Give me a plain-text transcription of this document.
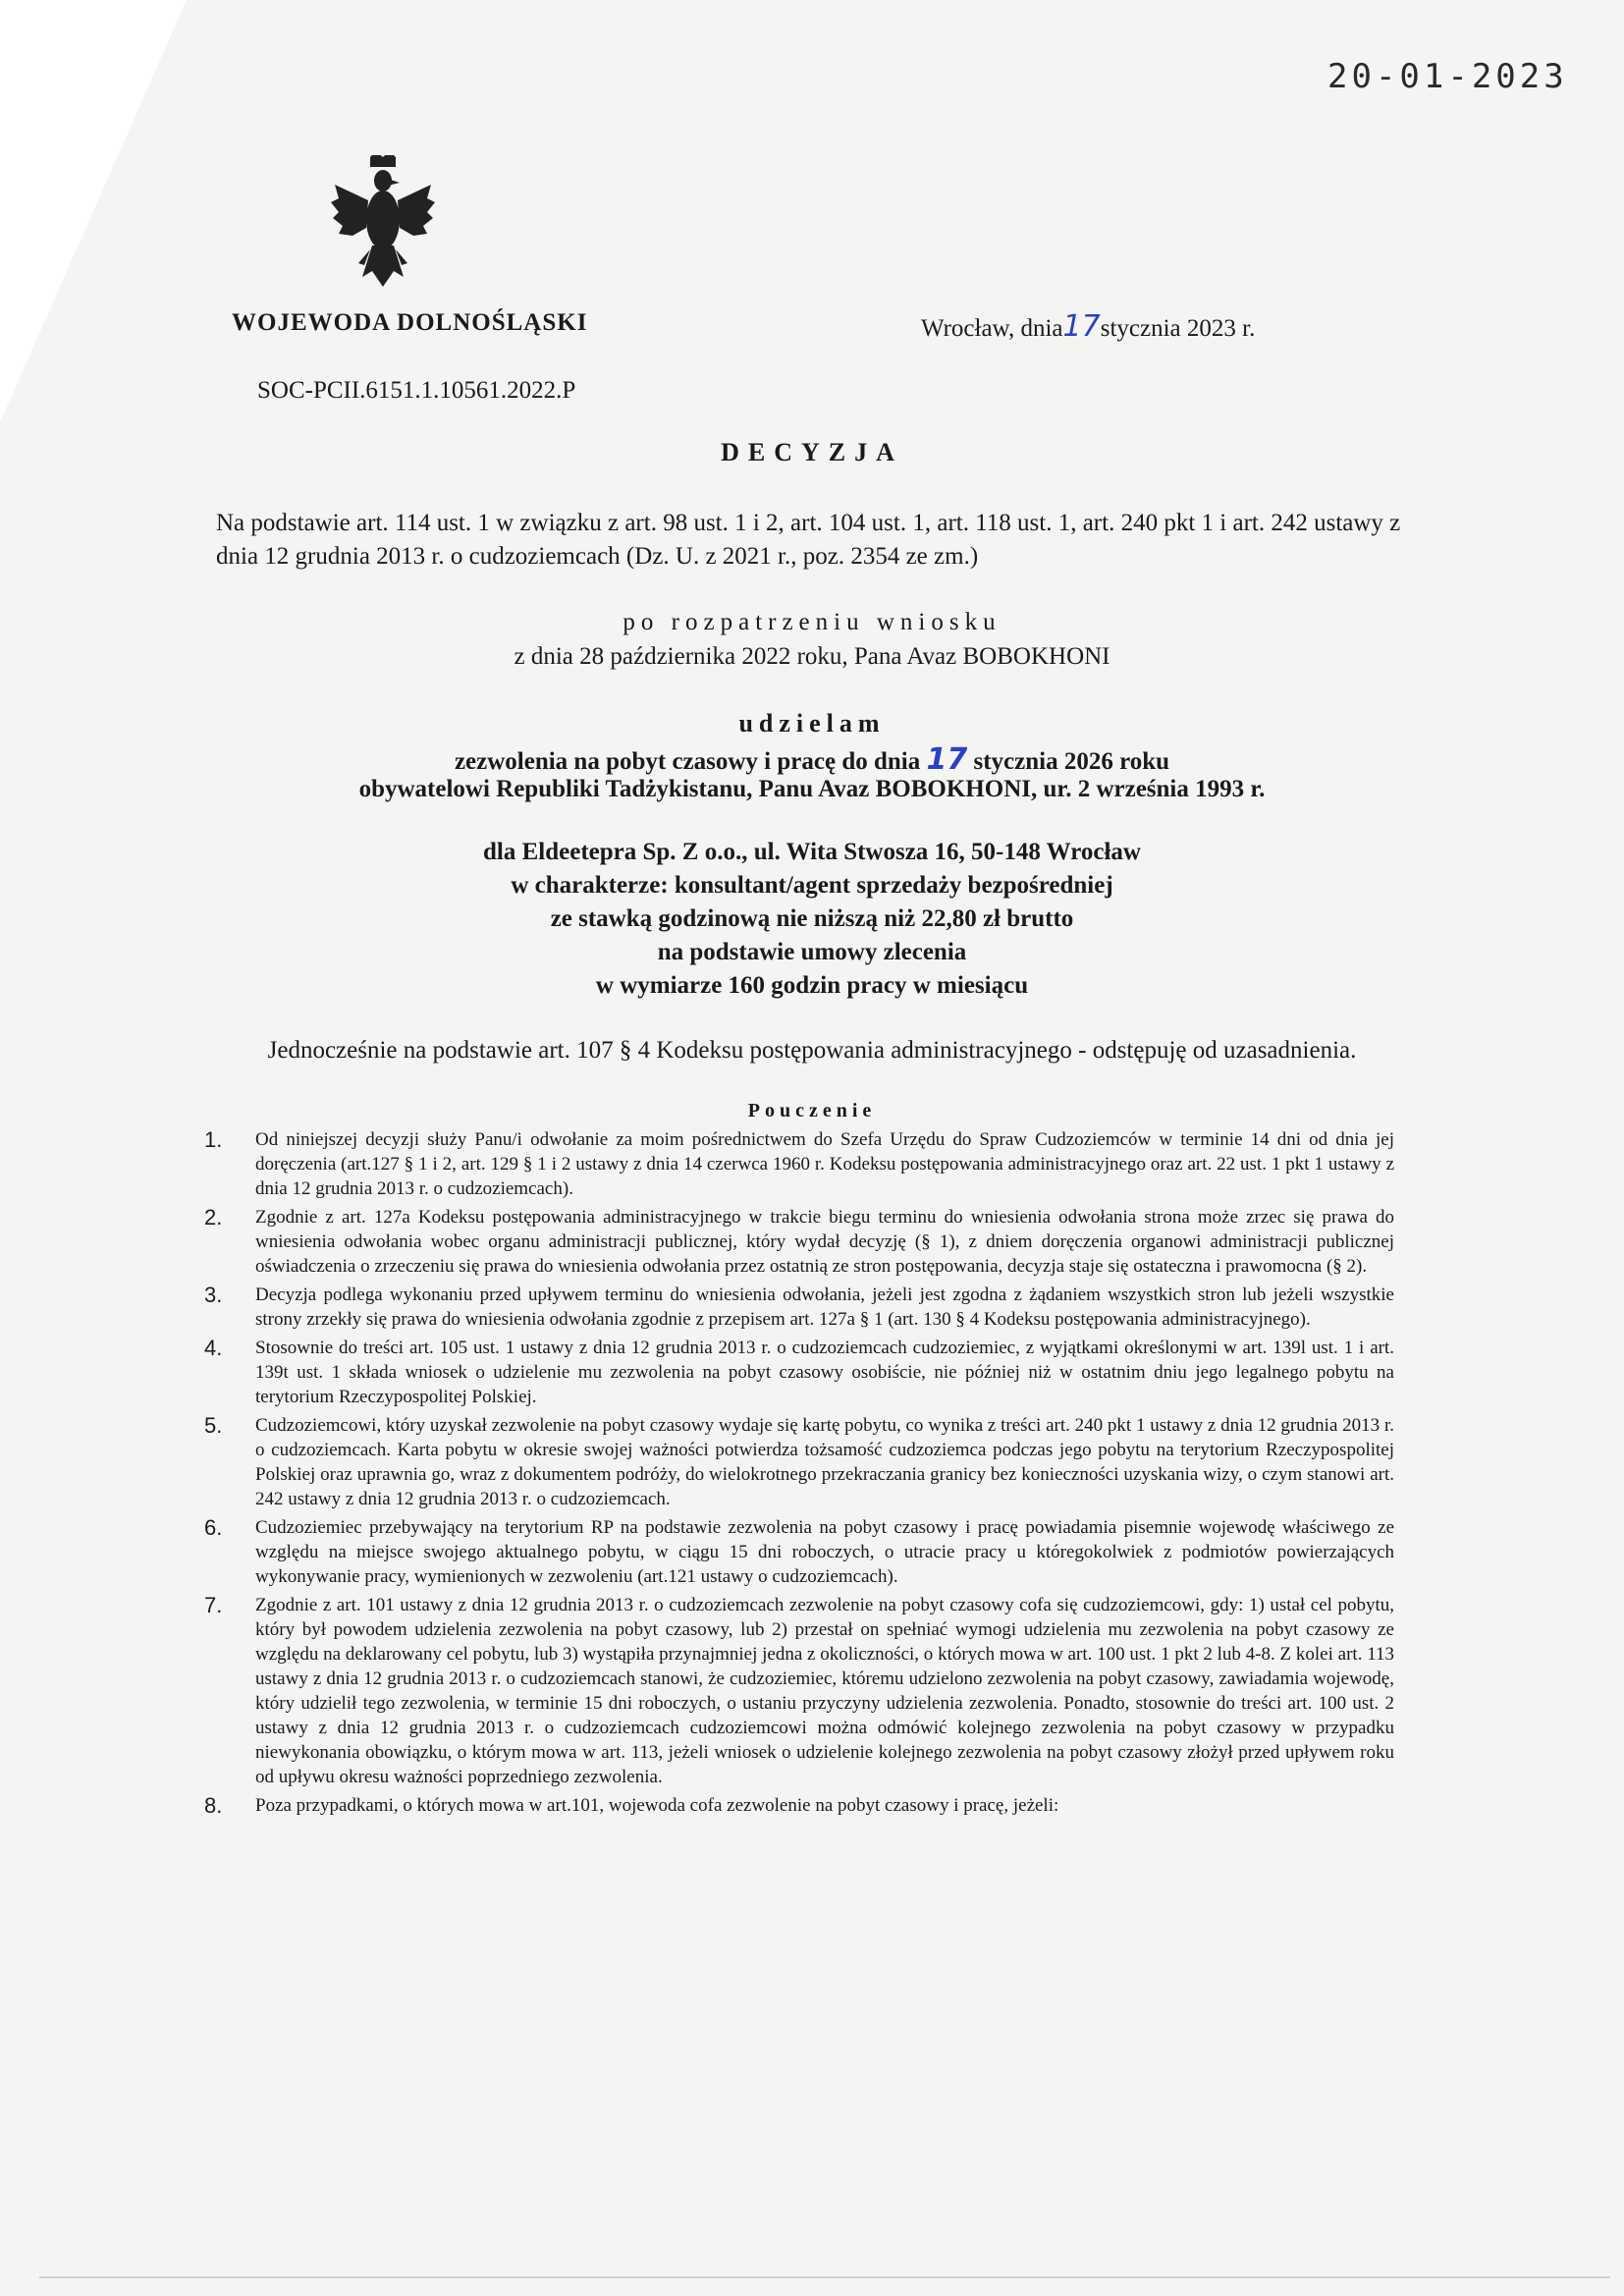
20-01-2023
WOJEWODA DOLNOŚLĄSKI	Wrocław, dnia17stycznia 2023 r.
SOC-PCII.6151.1.10561.2022.P
DECYZJA
Na podstawie art. 114 ust. 1 w związku z art. 98 ust. 1 i 2, art. 104 ust. 1, art. 118 ust. 1, art. 240 pkt 1 i art. 242 ustawy z dnia 12 grudnia 2013 r. o cudzoziemcach (Dz. U. z 2021 r., poz. 2354 ze zm.)
po rozpatrzeniu wniosku
z dnia 28 października 2022 roku, Pana Avaz BOBOKHONI
udzielam
zezwolenia na pobyt czasowy i pracę do dnia 17 stycznia 2026 roku
obywatelowi Republiki Tadżykistanu, Panu Avaz BOBOKHONI, ur. 2 września 1993 r.
dla Eldeetepra Sp. Z o.o., ul. Wita Stwosza 16, 50-148 Wrocław
w charakterze: konsultant/agent sprzedaży bezpośredniej
ze stawką godzinową nie niższą niż 22,80 zł brutto
na podstawie umowy zlecenia
w wymiarze 160 godzin pracy w miesiącu
Jednocześnie na podstawie art. 107 § 4 Kodeksu postępowania administracyjnego - odstępuję od uzasadnienia.
Pouczenie
1. Od niniejszej decyzji służy Panu/i odwołanie za moim pośrednictwem do Szefa Urzędu do Spraw Cudzoziemców w terminie 14 dni od dnia jej doręczenia (art.127 § 1 i 2, art. 129 § 1 i 2 ustawy z dnia 14 czerwca 1960 r. Kodeksu postępowania administracyjnego oraz art. 22 ust. 1 pkt 1 ustawy z dnia 12 grudnia 2013 r. o cudzoziemcach).
2. Zgodnie z art. 127a Kodeksu postępowania administracyjnego w trakcie biegu terminu do wniesienia odwołania strona może zrzec się prawa do wniesienia odwołania wobec organu administracji publicznej, który wydał decyzję (§ 1), z dniem doręczenia organowi administracji publicznej oświadczenia o zrzeczeniu się prawa do wniesienia odwołania przez ostatnią ze stron postępowania, decyzja staje się ostateczna i prawomocna (§ 2).
3. Decyzja podlega wykonaniu przed upływem terminu do wniesienia odwołania, jeżeli jest zgodna z żądaniem wszystkich stron lub jeżeli wszystkie strony zrzekły się prawa do wniesienia odwołania zgodnie z przepisem art. 127a § 1 (art. 130 § 4 Kodeksu postępowania administracyjnego).
4. Stosownie do treści art. 105 ust. 1 ustawy z dnia 12 grudnia 2013 r. o cudzoziemcach cudzoziemiec, z wyjątkami określonymi w art. 139l ust. 1 i art. 139t ust. 1 składa wniosek o udzielenie mu zezwolenia na pobyt czasowy osobiście, nie później niż w ostatnim dniu jego legalnego pobytu na terytorium Rzeczypospolitej Polskiej.
5. Cudzoziemcowi, który uzyskał zezwolenie na pobyt czasowy wydaje się kartę pobytu, co wynika z treści art. 240 pkt 1 ustawy z dnia 12 grudnia 2013 r. o cudzoziemcach. Karta pobytu w okresie swojej ważności potwierdza tożsamość cudzoziemca podczas jego pobytu na terytorium Rzeczypospolitej Polskiej oraz uprawnia go, wraz z dokumentem podróży, do wielokrotnego przekraczania granicy bez konieczności uzyskania wizy, o czym stanowi art. 242 ustawy z dnia 12 grudnia 2013 r. o cudzoziemcach.
6. Cudzoziemiec przebywający na terytorium RP na podstawie zezwolenia na pobyt czasowy i pracę powiadamia pisemnie wojewodę właściwego ze względu na miejsce swojego aktualnego pobytu, w ciągu 15 dni roboczych, o utracie pracy u któregokolwiek z podmiotów powierzających wykonywanie pracy, wymienionych w zezwoleniu (art.121 ustawy o cudzoziemcach).
7. Zgodnie z art. 101 ustawy z dnia 12 grudnia 2013 r. o cudzoziemcach zezwolenie na pobyt czasowy cofa się cudzoziemcowi, gdy: 1) ustał cel pobytu, który był powodem udzielenia zezwolenia na pobyt czasowy, lub 2) przestał on spełniać wymogi udzielenia mu zezwolenia na pobyt czasowy ze względu na deklarowany cel pobytu, lub 3) wystąpiła przynajmniej jedna z okoliczności, o których mowa w art. 100 ust. 1 pkt 2 lub 4-8. Z kolei art. 113 ustawy z dnia 12 grudnia 2013 r. o cudzoziemcach stanowi, że cudzoziemiec, któremu udzielono zezwolenia na pobyt czasowy, zawiadamia wojewodę, który udzielił tego zezwolenia, w terminie 15 dni roboczych, o ustaniu przyczyny udzielenia zezwolenia. Ponadto, stosownie do treści art. 100 ust. 2 ustawy z dnia 12 grudnia 2013 r. o cudzoziemcach cudzoziemcowi można odmówić kolejnego zezwolenia na pobyt czasowy w przypadku niewykonania obowiązku, o którym mowa w art. 113, jeżeli wniosek o udzielenie kolejnego zezwolenia na pobyt czasowy złożył przed upływem roku od upływu okresu ważności poprzedniego zezwolenia.
8. Poza przypadkami, o których mowa w art.101, wojewoda cofa zezwolenie na pobyt czasowy i pracę, jeżeli:
